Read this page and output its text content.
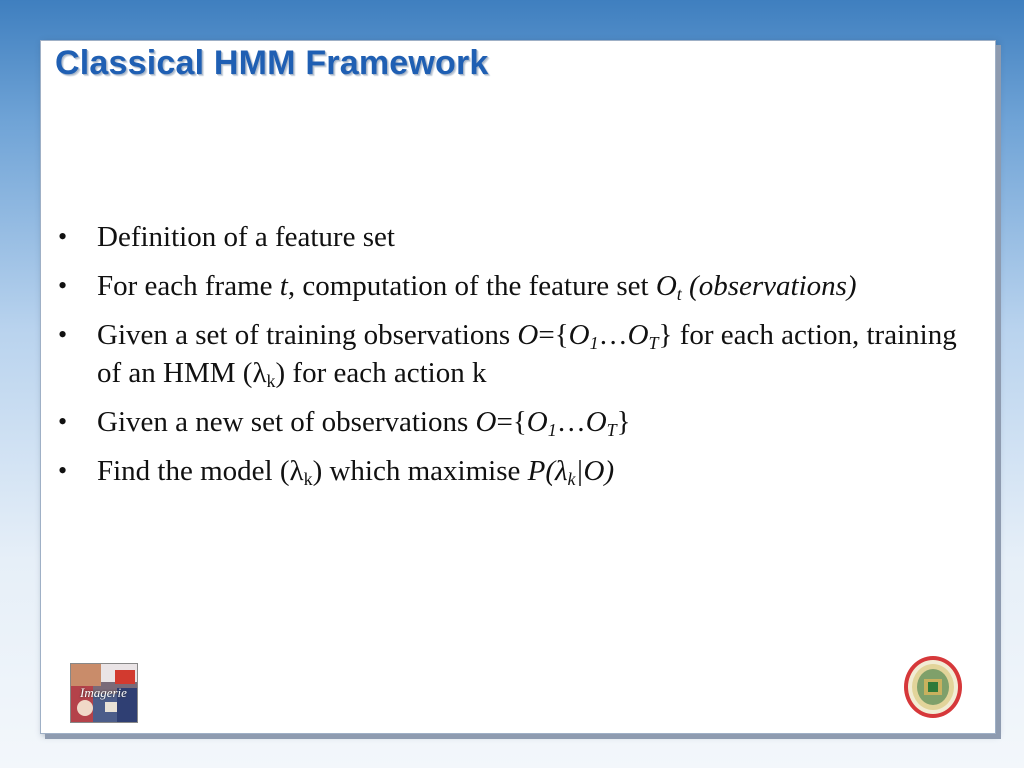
Classical HMM Framework
• Definition of a feature set
• For each frame t, computation of the feature set $O_t$ (observations)
• Given a set of training observations $O=\{O_1\dots O_T\}$ for each action, training of an HMM $(\lambda_k)$ for each action k
• Given a new set of observations $O=\{O_1\dots O_T\}$
• Find the model $(\lambda_k)$ which maximise $P(\lambda_k|O)$
Imagerie
